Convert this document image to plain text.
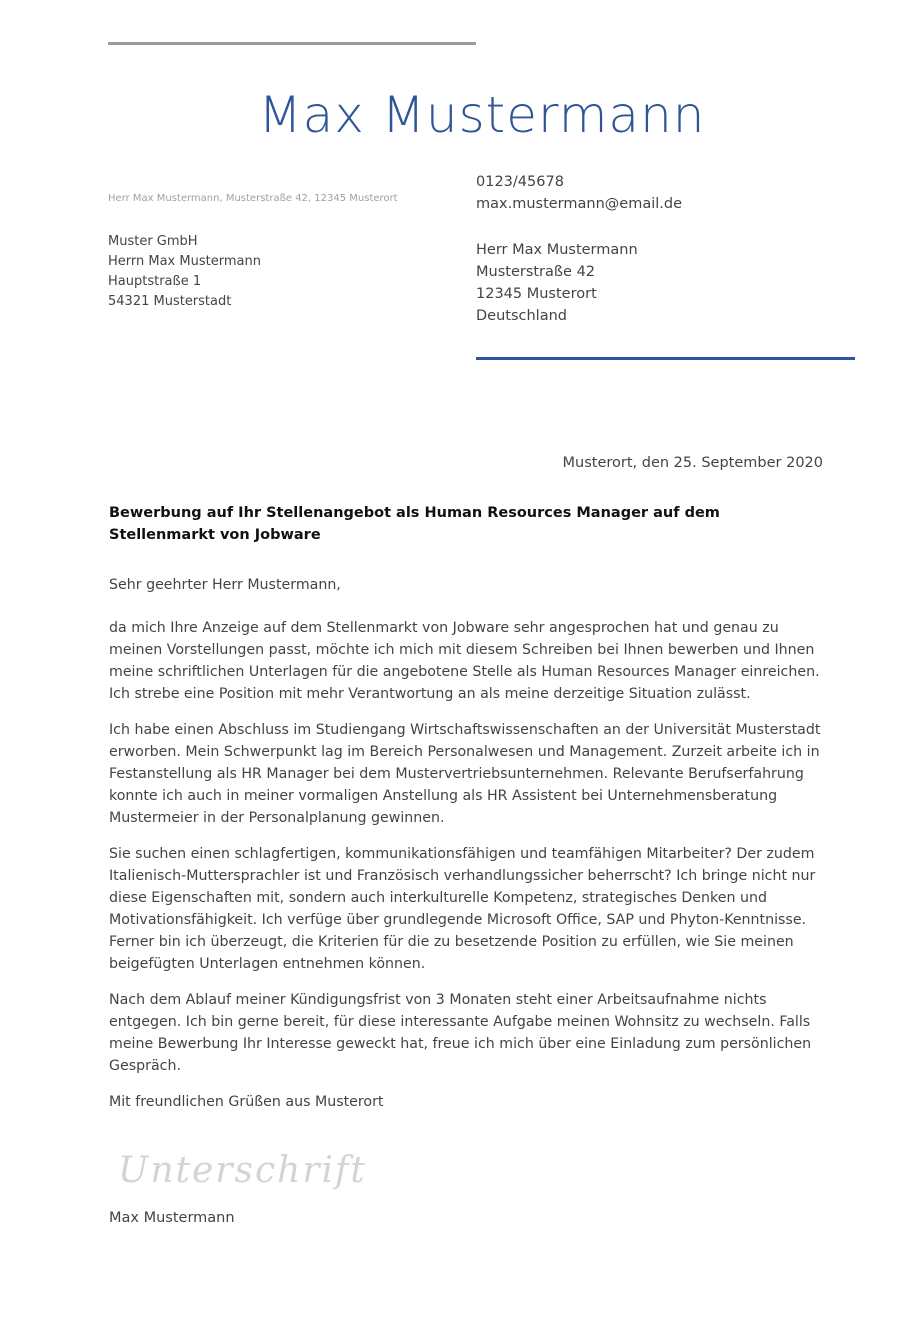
Max Mustermann
Herr Max Mustermann, Musterstraße 42, 12345 Musterort
Muster GmbH
Herrn Max Mustermann
Hauptstraße 1
54321 Musterstadt
0123/45678
max.mustermann@email.de
Herr Max Mustermann
Musterstraße 42
12345 Musterort
Deutschland
Musterort, den 25. September 2020
Bewerbung auf Ihr Stellenangebot als Human Resources Manager auf dem Stellenmarkt von Jobware

Sehr geehrter Herr Mustermann,

da mich Ihre Anzeige auf dem Stellenmarkt von Jobware sehr angesprochen hat und genau zu meinen Vorstellungen passt, möchte ich mich mit diesem Schreiben bei Ihnen bewerben und Ihnen meine schriftlichen Unterlagen für die angebotene Stelle als Human Resources Manager einreichen. Ich strebe eine Position mit mehr Verantwortung an als meine derzeitige Situation zulässt.

Ich habe einen Abschluss im Studiengang Wirtschaftswissenschaften an der Universität Musterstadt erworben. Mein Schwerpunkt lag im Bereich Personalwesen und Management. Zurzeit arbeite ich in Festanstellung als HR Manager bei dem Mustervertriebsunternehmen. Relevante Berufserfahrung konnte ich auch in meiner vormaligen Anstellung als HR Assistent bei Unternehmensberatung Mustermeier in der Personalplanung gewinnen.

Sie suchen einen schlagfertigen, kommunikationsfähigen und teamfähigen Mitarbeiter? Der zudem Italienisch-Muttersprachler ist und Französisch verhandlungssicher beherrscht? Ich bringe nicht nur diese Eigenschaften mit, sondern auch interkulturelle Kompetenz, strategisches Denken und Motivationsfähigkeit. Ich verfüge über grundlegende Microsoft Office, SAP und Phyton-Kenntnisse. Ferner bin ich überzeugt, die Kriterien für die zu besetzende Position zu erfüllen, wie Sie meinen beigefügten Unterlagen entnehmen können.

Nach dem Ablauf meiner Kündigungsfrist von 3 Monaten steht einer Arbeitsaufnahme nichts entgegen. Ich bin gerne bereit, für diese interessante Aufgabe meinen Wohnsitz zu wechseln. Falls meine Bewerbung Ihr Interesse geweckt hat, freue ich mich über eine Einladung zum persönlichen Gespräch.

Mit freundlichen Grüßen aus Musterort

Unterschrift
Max Mustermann
